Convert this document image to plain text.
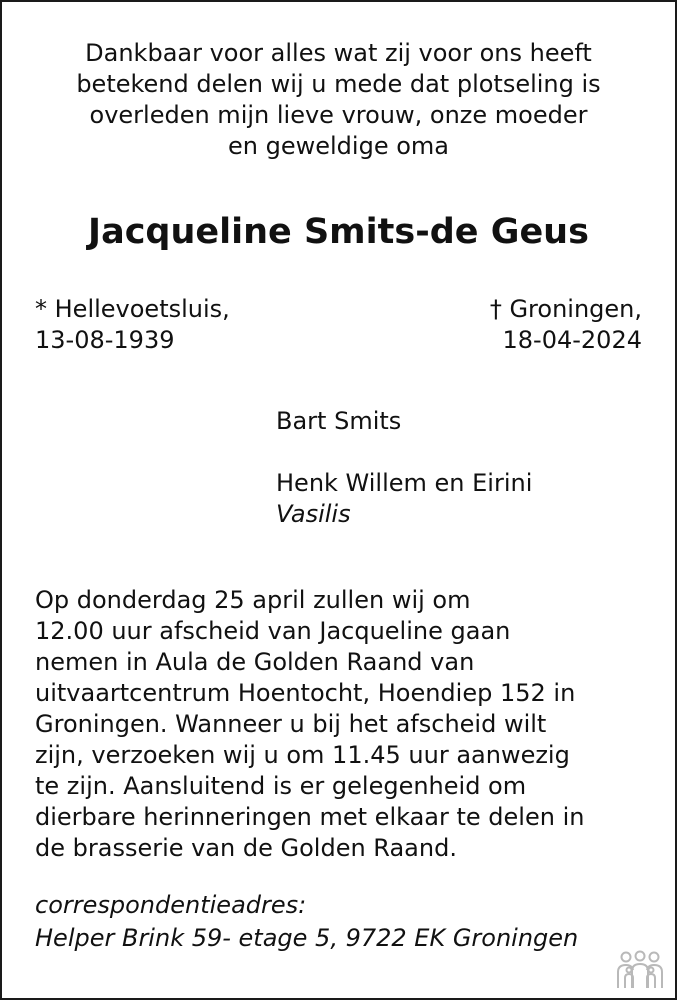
Dankbaar voor alles wat zij voor ons heeft
betekend delen wij u mede dat plotseling is
overleden mijn lieve vrouw, onze moeder
en geweldige oma
Jacqueline Smits-de Geus
* Hellevoetsluis,
13-08-1939
† Groningen,
18-04-2024
Bart Smits
Henk Willem en Eirini
Vasilis
Op donderdag 25 april zullen wij om
12.00 uur afscheid van Jacqueline gaan
nemen in Aula de Golden Raand van
uitvaartcentrum Hoentocht, Hoendiep 152 in
Groningen. Wanneer u bij het afscheid wilt
zijn, verzoeken wij u om 11.45 uur aanwezig
te zijn. Aansluitend is er gelegenheid om
dierbare herinneringen met elkaar te delen in
de brasserie van de Golden Raand.
correspondentieadres:
Helper Brink 59- etage 5, 9722 EK Groningen
